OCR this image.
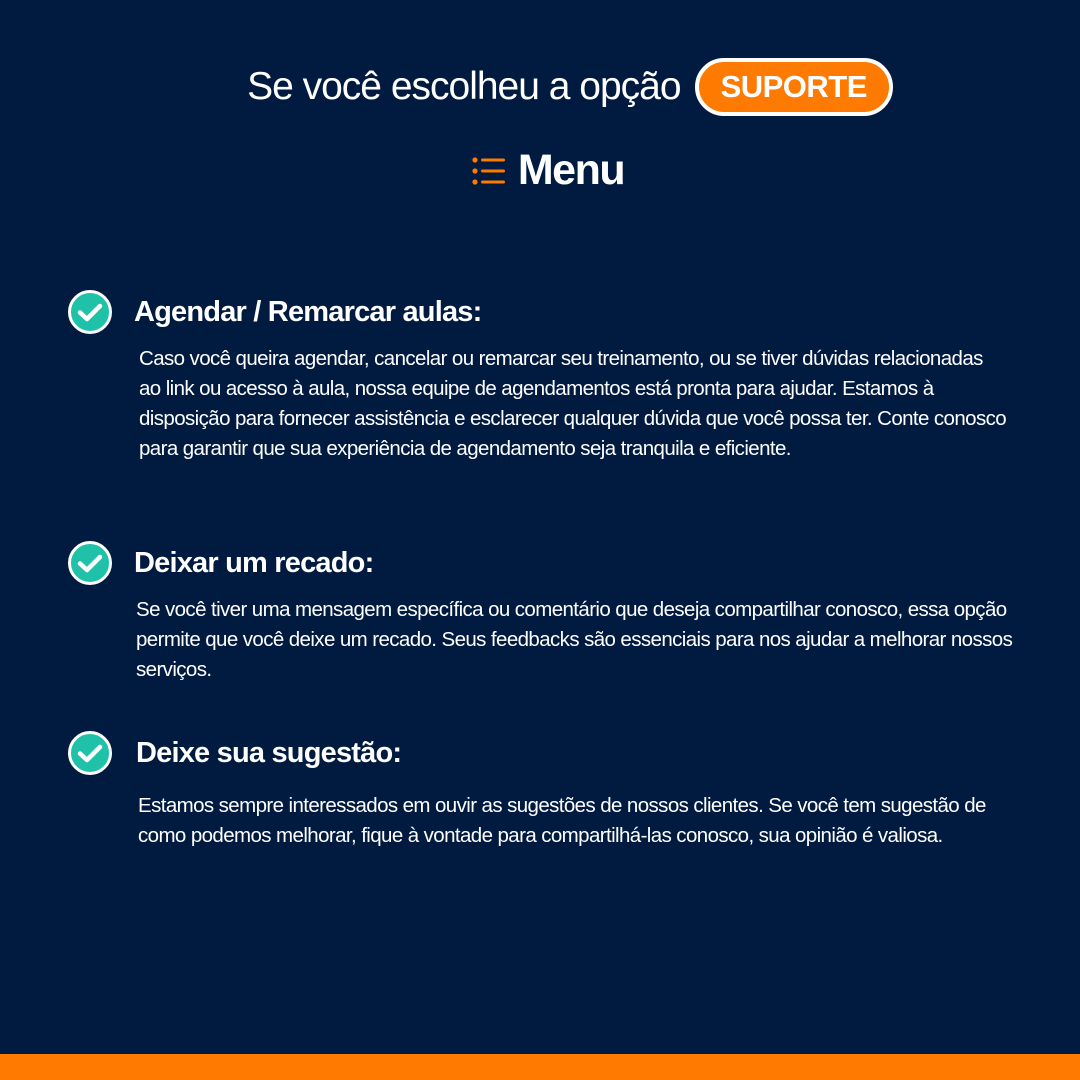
Se você escolheu a opção	SUPORTE
Menu
Agendar / Remarcar aulas:

Caso você queira agendar, cancelar ou remarcar seu treinamento, ou se tiver dúvidas relacionadas ao link ou acesso à aula, nossa equipe de agendamentos está pronta para ajudar. Estamos à disposição para fornecer assistência e esclarecer qualquer dúvida que você possa ter. Conte conosco para garantir que sua experiência de agendamento seja tranquila e eficiente.

Deixar um recado:

Se você tiver uma mensagem específica ou comentário que deseja compartilhar conosco, essa opção permite que você deixe um recado. Seus feedbacks são essenciais para nos ajudar a melhorar nossos serviços.

Deixe sua sugestão:

Estamos sempre interessados em ouvir as sugestões de nossos clientes. Se você tem sugestão de como podemos melhorar, fique à vontade para compartilhá-las conosco, sua opinião é valiosa.
